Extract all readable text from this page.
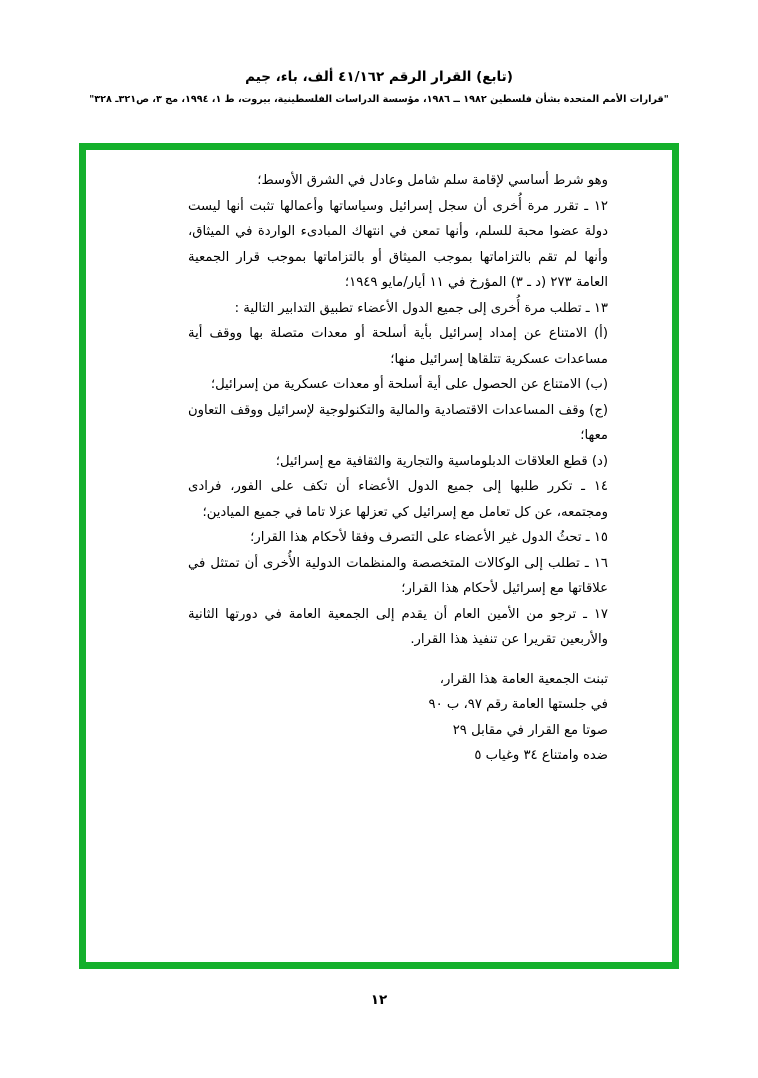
(تابع) القرار الرقم ٤١/١٦٢ ألف، باء، جيم
"قرارات الأمم المتحدة بشأن فلسطين ١٩٨٢ ــ ١٩٨٦، مؤسسة الدراسات الفلسطينية، بيروت، ط ١، ١٩٩٤، مج ٣، ص٣٢١ـ ٣٢٨"

وهو شرط أساسي لإقامة سلم شامل وعادل في الشرق الأوسط؛

١٢ ـ تقرر مرة أُخرى أن سجل إسرائيل وسياساتها وأعمالها تثبت أنها ليست دولة عضوا محبة للسلم، وأنها تمعن في انتهاك المبادىء الواردة في الميثاق، وأنها لم تقم بالتزاماتها بموجب الميثاق أو بالتزاماتها بموجب قرار الجمعية العامة ٢٧٣ (د ـ ٣) المؤرخ في ١١ أيار/مايو ١٩٤٩؛

١٣ ـ تطلب مرة أُخرى إلى جميع الدول الأعضاء تطبيق التدابير التالية :

(أ) الامتناع عن إمداد إسرائيل بأية أسلحة أو معدات متصلة بها ووقف أية مساعدات عسكرية تتلقاها إسرائيل منها؛

(ب) الامتناع عن الحصول على أية أسلحة أو معدات عسكرية من إسرائيل؛

(ج) وقف المساعدات الاقتصادية والمالية والتكنولوجية لإسرائيل ووقف التعاون معها؛

(د) قطع العلاقات الدبلوماسية والتجارية والثقافية مع إسرائيل؛

١٤ ـ تكرر طلبها إلى جميع الدول الأعضاء أن تكف على الفور، فرادى ومجتمعه، عن كل تعامل مع إسرائيل كي تعزلها عزلا تاما في جميع الميادين؛

١٥ ـ تحثُ الدول غير الأعضاء على التصرف وفقا لأحكام هذا القرار؛

١٦ ـ تطلب إلى الوكالات المتخصصة والمنظمات الدولية الأُخرى أن تمتثل في علاقاتها مع إسرائيل لأحكام هذا القرار؛

١٧ ـ ترجو من الأمين العام أن يقدم إلى الجمعية العامة في دورتها الثانية والأربعين تقريرا عن تنفيذ هذا القرار.

تبنت الجمعية العامة هذا القرار،
في جلستها العامة رقم ٩٧، ب ٩٠
صوتا مع القرار في مقابل ٢٩
ضده وامتناع ٣٤ وغياب ٥
١٢
